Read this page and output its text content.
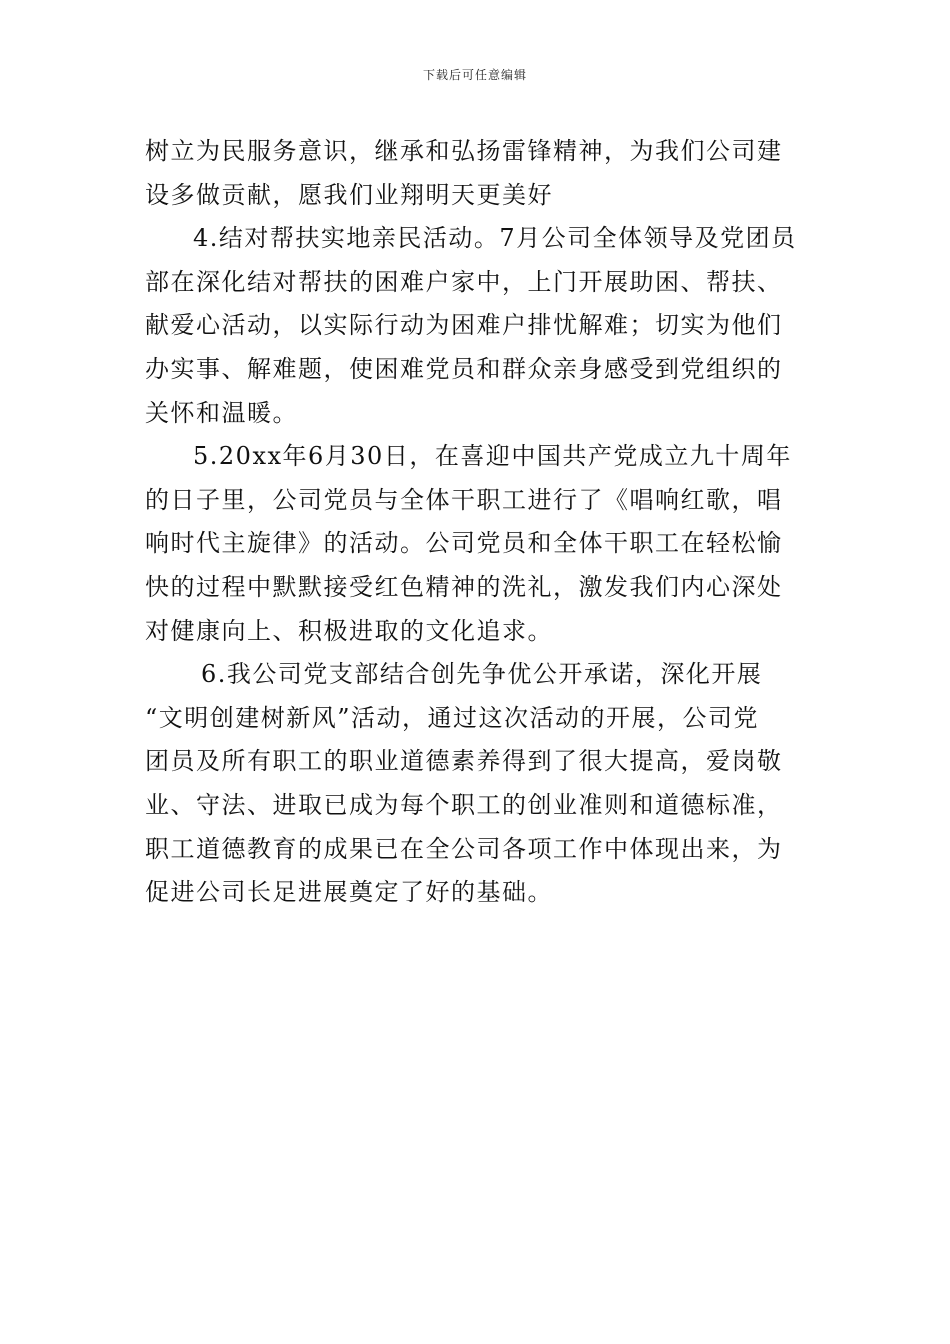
下载后可任意编辑
树立为民服务意识，继承和弘扬雷锋精神，为我们公司建
设多做贡献，愿我们业翔明天更美好
4.结对帮扶实地亲民活动。7月公司全体领导及党团员
部在深化结对帮扶的困难户家中，上门开展助困、帮扶、
献爱心活动，以实际行动为困难户排忧解难；切实为他们
办实事、解难题，使困难党员和群众亲身感受到党组织的
关怀和温暖。
5.20xx年6月30日，在喜迎中国共产党成立九十周年
的日子里，公司党员与全体干职工进行了《唱响红歌，唱
响时代主旋律》的活动。公司党员和全体干职工在轻松愉
快的过程中默默接受红色精神的洗礼，激发我们内心深处
对健康向上、积极进取的文化追求。
6.我公司党支部结合创先争优公开承诺，深化开展
“文明创建树新风”活动，通过这次活动的开展，公司党
团员及所有职工的职业道德素养得到了很大提高，爱岗敬
业、守法、进取已成为每个职工的创业准则和道德标准，
职工道德教育的成果已在全公司各项工作中体现出来，为
促进公司长足进展奠定了好的基础。
